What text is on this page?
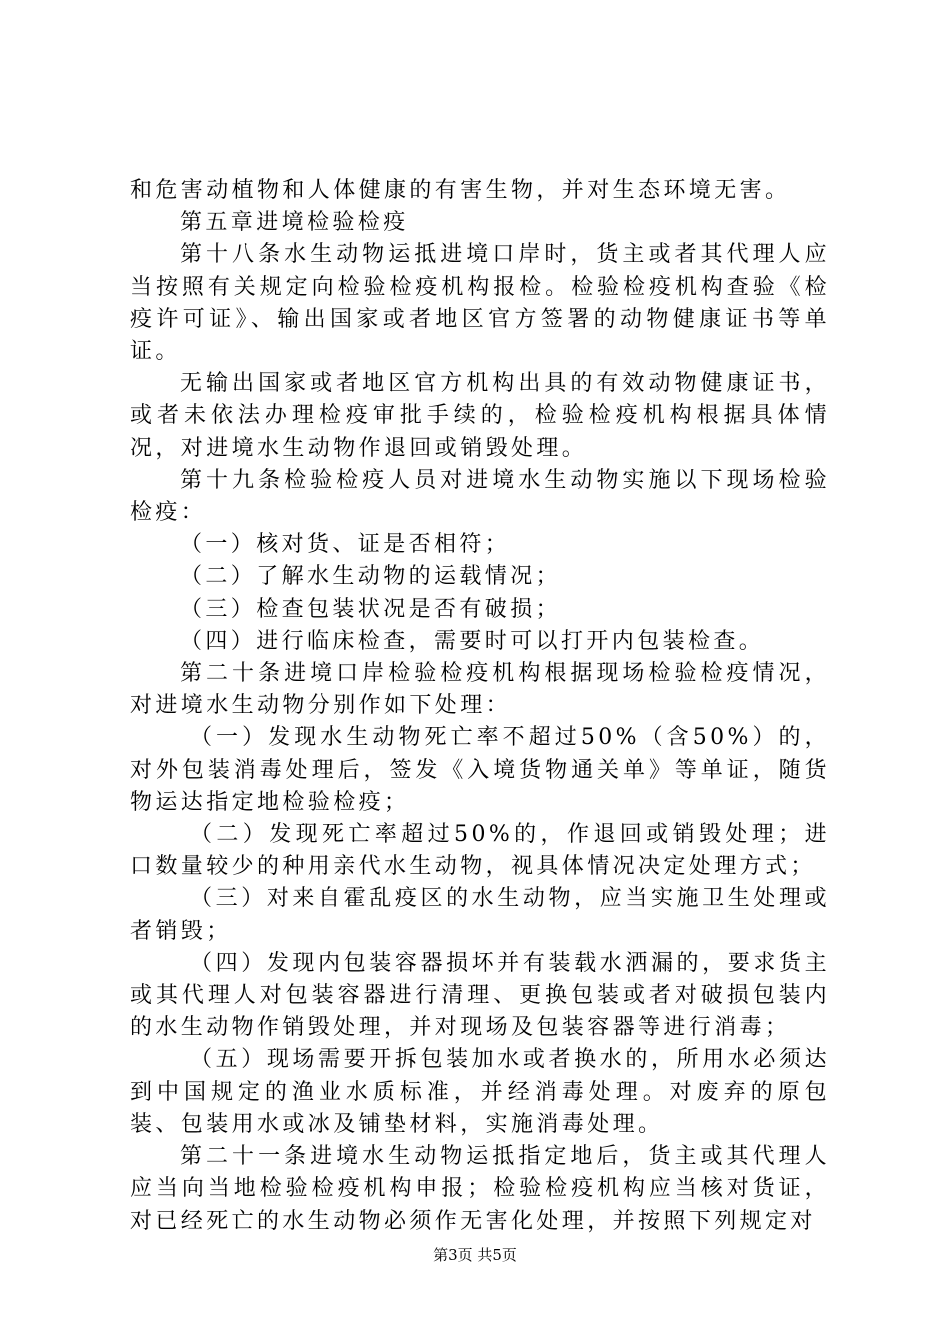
和危害动植物和人体健康的有害生物，并对生态环境无害。

第五章进境检验检疫

第十八条水生动物运抵进境口岸时，货主或者其代理人应当按照有关规定向检验检疫机构报检。检验检疫机构查验《检疫许可证》、输出国家或者地区官方签署的动物健康证书等单证。

无输出国家或者地区官方机构出具的有效动物健康证书，或者未依法办理检疫审批手续的，检验检疫机构根据具体情况，对进境水生动物作退回或销毁处理。

第十九条检验检疫人员对进境水生动物实施以下现场检验检疫：

（一）核对货、证是否相符；

（二）了解水生动物的运载情况；

（三）检查包装状况是否有破损；

（四）进行临床检查，需要时可以打开内包装检查。

第二十条进境口岸检验检疫机构根据现场检验检疫情况，对进境水生动物分别作如下处理：

（一）发现水生动物死亡率不超过50%（含50%）的，对外包装消毒处理后，签发《入境货物通关单》等单证，随货物运达指定地检验检疫；

（二）发现死亡率超过50%的，作退回或销毁处理；进口数量较少的种用亲代水生动物，视具体情况决定处理方式；

（三）对来自霍乱疫区的水生动物，应当实施卫生处理或者销毁；

（四）发现内包装容器损坏并有装载水洒漏的，要求货主或其代理人对包装容器进行清理、更换包装或者对破损包装内的水生动物作销毁处理，并对现场及包装容器等进行消毒；

（五）现场需要开拆包装加水或者换水的，所用水必须达到中国规定的渔业水质标准，并经消毒处理。对废弃的原包装、包装用水或冰及铺垫材料，实施消毒处理。

第二十一条进境水生动物运抵指定地后，货主或其代理人应当向当地检验检疫机构申报；检验检疫机构应当核对货证，对已经死亡的水生动物必须作无害化处理，并按照下列规定对

第3页 共5页
